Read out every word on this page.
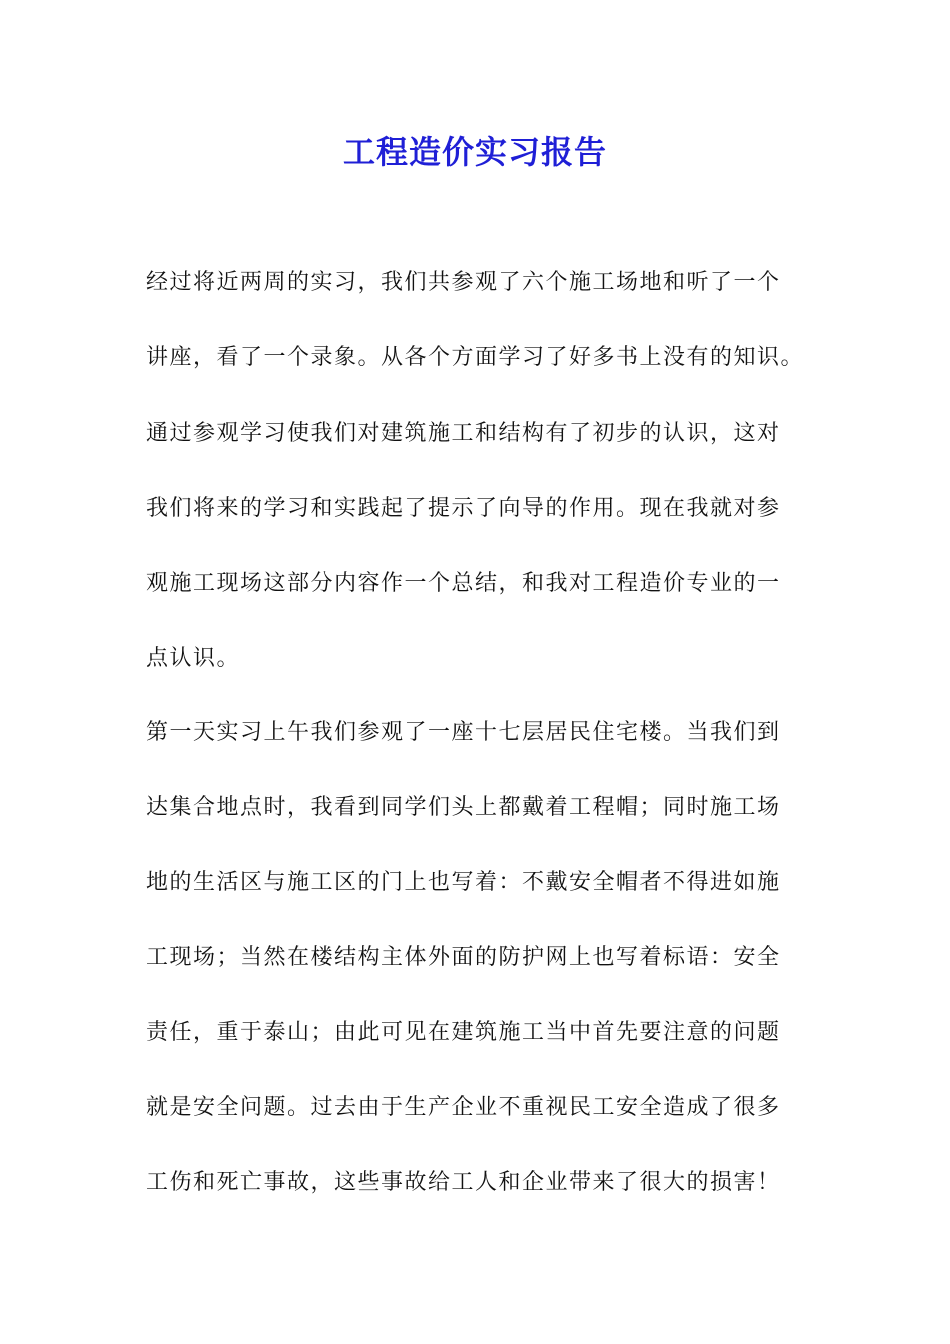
工程造价实习报告
经过将近两周的实习，我们共参观了六个施工场地和听了一个
讲座，看了一个录象。从各个方面学习了好多书上没有的知识。
通过参观学习使我们对建筑施工和结构有了初步的认识，这对
我们将来的学习和实践起了提示了向导的作用。现在我就对参
观施工现场这部分内容作一个总结，和我对工程造价专业的一
点认识。
第一天实习上午我们参观了一座十七层居民住宅楼。当我们到
达集合地点时，我看到同学们头上都戴着工程帽；同时施工场
地的生活区与施工区的门上也写着：不戴安全帽者不得进如施
工现场；当然在楼结构主体外面的防护网上也写着标语：安全
责任，重于泰山；由此可见在建筑施工当中首先要注意的问题
就是安全问题。过去由于生产企业不重视民工安全造成了很多
工伤和死亡事故，这些事故给工人和企业带来了很大的损害！
